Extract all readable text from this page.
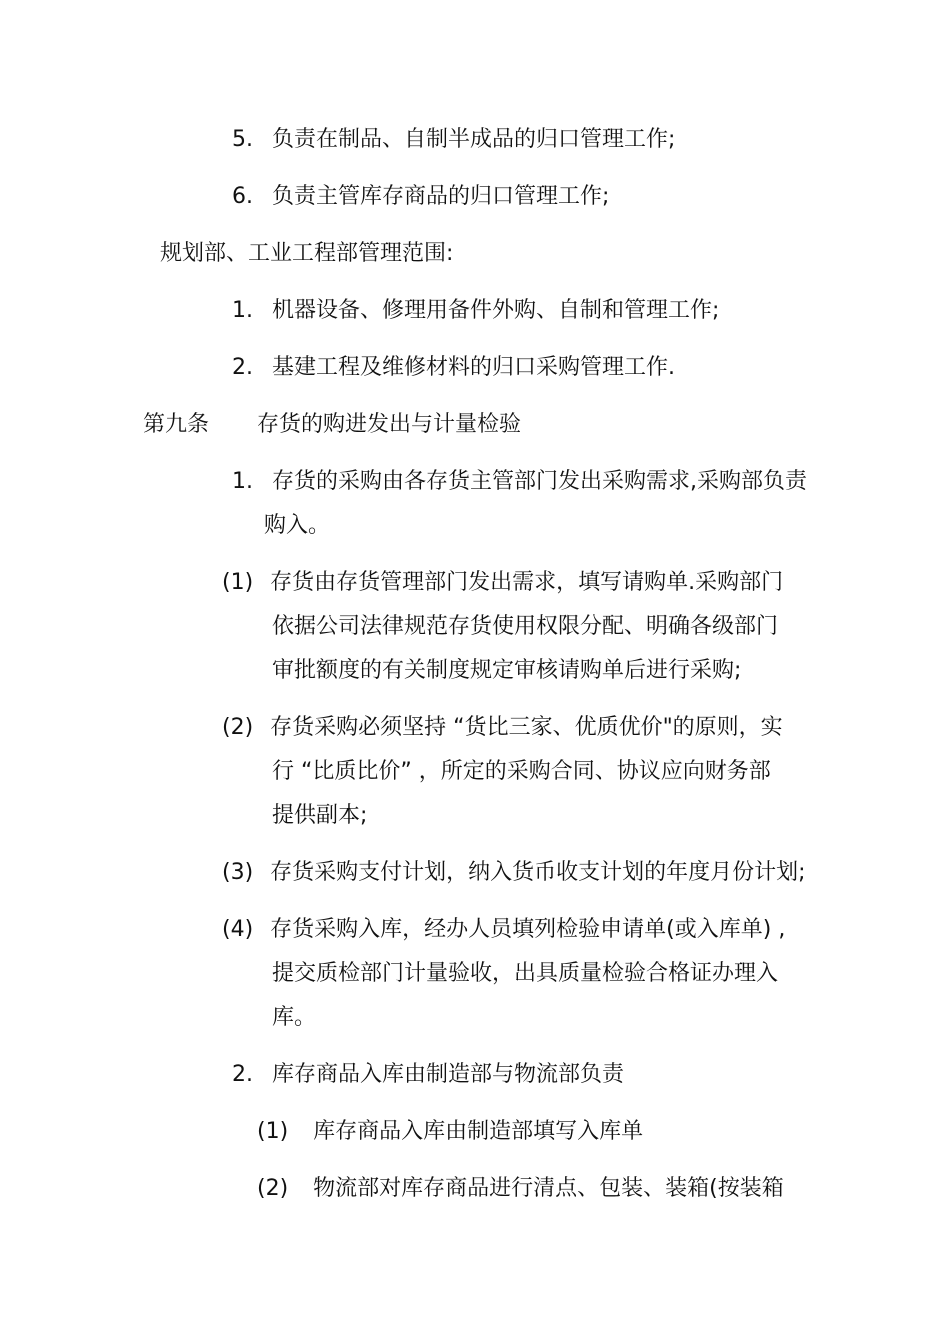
5. 负责在制品、自制半成品的归口管理工作;
6. 负责主管库存商品的归口管理工作;
规划部、工业工程部管理范围:
1. 机器设备、修理用备件外购、自制和管理工作;
2. 基建工程及维修材料的归口采购管理工作.
第九条 存货的购进发出与计量检验
1. 存货的采购由各存货主管部门发出采购需求,采购部负责
购入。
(1) 存货由存货管理部门发出需求，填写请购单.采购部门
依据公司法律规范存货使用权限分配、明确各级部门
审批额度的有关制度规定审核请购单后进行采购;
(2) 存货采购必须坚持 “货比三家、优质优价"的原则，实
行 “比质比价” ，所定的采购合同、协议应向财务部
提供副本;
(3) 存货采购支付计划，纳入货币收支计划的年度月份计划;
(4) 存货采购入库，经办人员填列检验申请单(或入库单) ,
提交质检部门计量验收，出具质量检验合格证办理入
库。
2. 库存商品入库由制造部与物流部负责
(1) 库存商品入库由制造部填写入库单
(2) 物流部对库存商品进行清点、包装、装箱(按装箱
